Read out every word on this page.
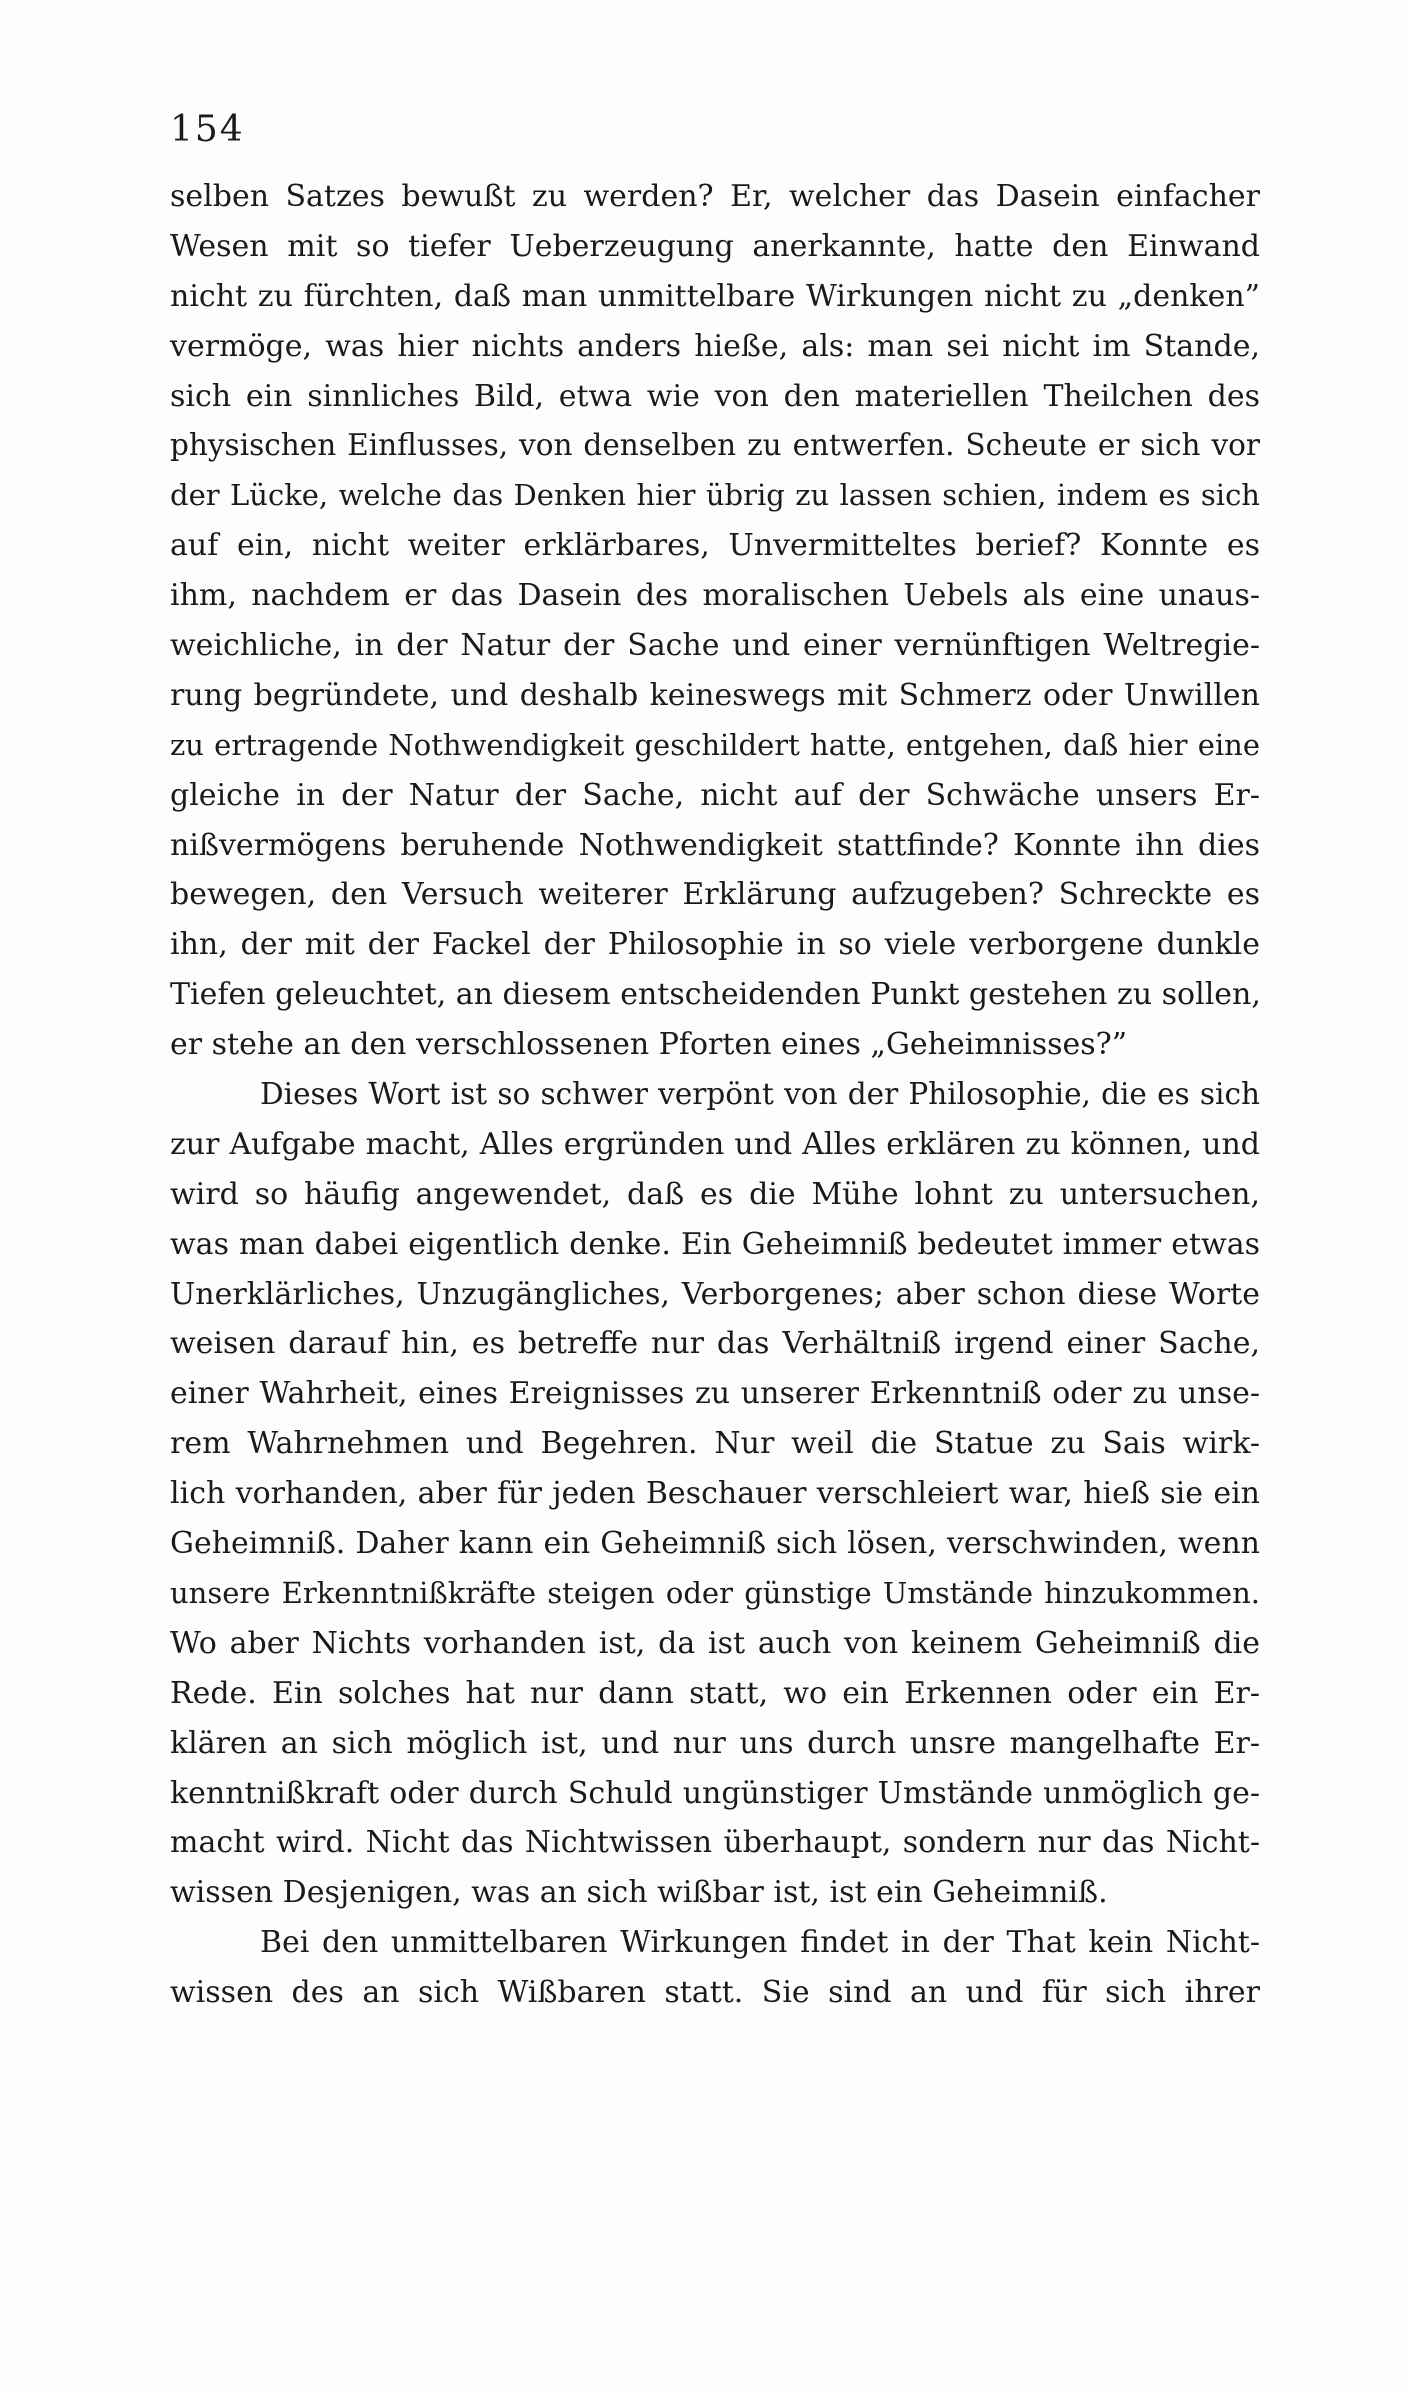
154
selben Satzes bewußt zu werden? Er, welcher das Dasein einfacher
Wesen mit so tiefer Ueberzeugung anerkannte, hatte den Einwand
nicht zu fürchten, daß man unmittelbare Wirkungen nicht zu „denken”
vermöge, was hier nichts anders hieße, als: man sei nicht im Stande,
sich ein sinnliches Bild, etwa wie von den materiellen Theilchen des
physischen Einflusses, von denselben zu entwerfen. Scheute er sich vor
der Lücke, welche das Denken hier übrig zu lassen schien, indem es sich
auf ein, nicht weiter erklärbares, Unvermitteltes berief? Konnte es
ihm, nachdem er das Dasein des moralischen Uebels als eine unaus-
weichliche, in der Natur der Sache und einer vernünftigen Weltregie-
rung begründete, und deshalb keineswegs mit Schmerz oder Unwillen
zu ertragende Nothwendigkeit geschildert hatte, entgehen, daß hier eine
gleiche in der Natur der Sache, nicht auf der Schwäche unsers Er-
nißvermögens beruhende Nothwendigkeit stattfinde? Konnte ihn dies
bewegen, den Versuch weiterer Erklärung aufzugeben? Schreckte es
ihn, der mit der Fackel der Philosophie in so viele verborgene dunkle
Tiefen geleuchtet, an diesem entscheidenden Punkt gestehen zu sollen,
er stehe an den verschlossenen Pforten eines „Geheimnisses?”
Dieses Wort ist so schwer verpönt von der Philosophie, die es sich
zur Aufgabe macht, Alles ergründen und Alles erklären zu können, und
wird so häufig angewendet, daß es die Mühe lohnt zu untersuchen,
was man dabei eigentlich denke. Ein Geheimniß bedeutet immer etwas
Unerklärliches, Unzugängliches, Verborgenes; aber schon diese Worte
weisen darauf hin, es betreffe nur das Verhältniß irgend einer Sache,
einer Wahrheit, eines Ereignisses zu unserer Erkenntniß oder zu unse-
rem Wahrnehmen und Begehren. Nur weil die Statue zu Sais wirk-
lich vorhanden, aber für jeden Beschauer verschleiert war, hieß sie ein
Geheimniß. Daher kann ein Geheimniß sich lösen, verschwinden, wenn
unsere Erkenntnißkräfte steigen oder günstige Umstände hinzukommen.
Wo aber Nichts vorhanden ist, da ist auch von keinem Geheimniß die
Rede. Ein solches hat nur dann statt, wo ein Erkennen oder ein Er-
klären an sich möglich ist, und nur uns durch unsre mangelhafte Er-
kenntnißkraft oder durch Schuld ungünstiger Umstände unmöglich ge-
macht wird. Nicht das Nichtwissen überhaupt, sondern nur das Nicht-
wissen Desjenigen, was an sich wißbar ist, ist ein Geheimniß.
Bei den unmittelbaren Wirkungen findet in der That kein Nicht-
wissen des an sich Wißbaren statt. Sie sind an und für sich ihrer
